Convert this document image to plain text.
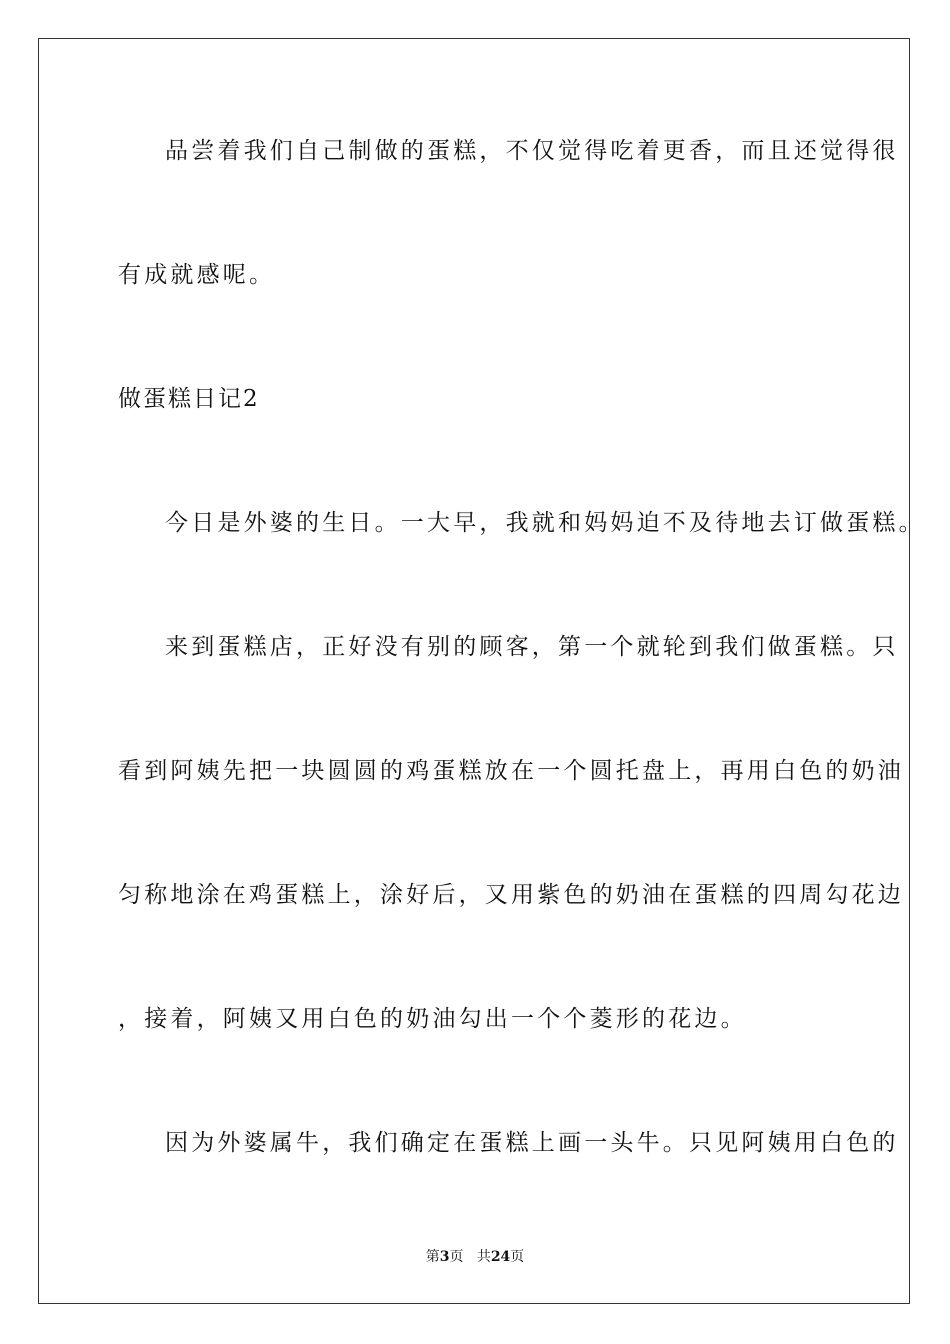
品尝着我们自己制做的蛋糕，不仅觉得吃着更香，而且还觉得很
有成就感呢。
做蛋糕日记2
今日是外婆的生日。一大早，我就和妈妈迫不及待地去订做蛋糕。
来到蛋糕店，正好没有别的顾客，第一个就轮到我们做蛋糕。只
看到阿姨先把一块圆圆的鸡蛋糕放在一个圆托盘上，再用白色的奶油
匀称地涂在鸡蛋糕上，涂好后，又用紫色的奶油在蛋糕的四周勾花边
，接着，阿姨又用白色的奶油勾出一个个菱形的花边。
因为外婆属牛，我们确定在蛋糕上画一头牛。只见阿姨用白色的
第3页 共24页
